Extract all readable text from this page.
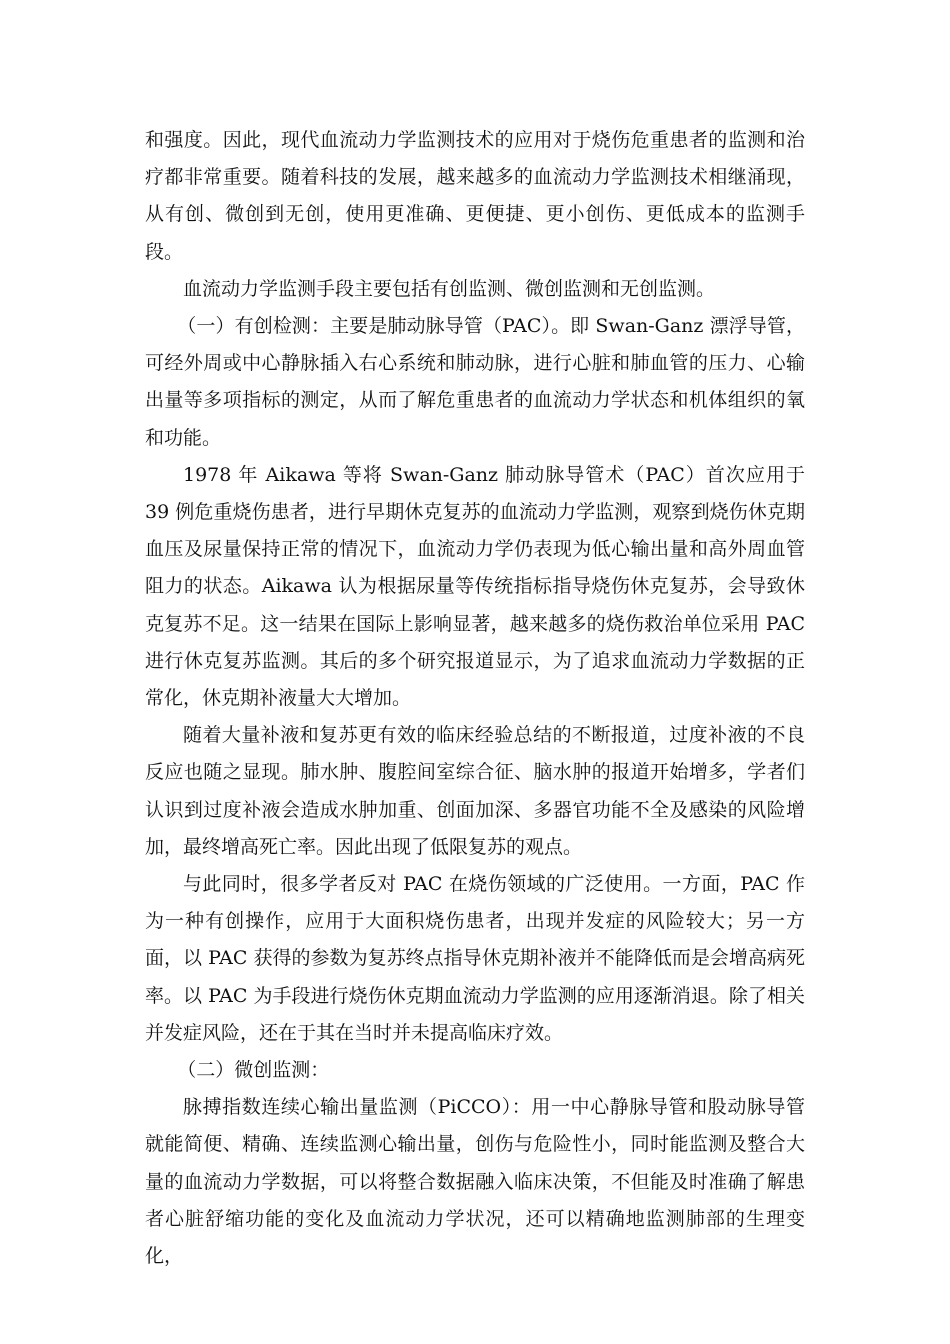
和强度。因此，现代血流动力学监测技术的应用对于烧伤危重患者的监测和治疗都非常重要。随着科技的发展，越来越多的血流动力学监测技术相继涌现，从有创、微创到无创，使用更准确、更便捷、更小创伤、更低成本的监测手段。

血流动力学监测手段主要包括有创监测、微创监测和无创监测。

（一）有创检测：主要是肺动脉导管（PAC）。即 Swan-Ganz 漂浮导管，可经外周或中心静脉插入右心系统和肺动脉，进行心脏和肺血管的压力、心输出量等多项指标的测定，从而了解危重患者的血流动力学状态和机体组织的氧和功能。

1978 年 Aikawa 等将 Swan-Ganz 肺动脉导管术（PAC）首次应用于 39 例危重烧伤患者，进行早期休克复苏的血流动力学监测，观察到烧伤休克期血压及尿量保持正常的情况下，血流动力学仍表现为低心输出量和高外周血管阻力的状态。Aikawa 认为根据尿量等传统指标指导烧伤休克复苏，会导致休克复苏不足。这一结果在国际上影响显著，越来越多的烧伤救治单位采用 PAC 进行休克复苏监测。其后的多个研究报道显示，为了追求血流动力学数据的正常化，休克期补液量大大增加。

随着大量补液和复苏更有效的临床经验总结的不断报道，过度补液的不良反应也随之显现。肺水肿、腹腔间室综合征、脑水肿的报道开始增多，学者们认识到过度补液会造成水肿加重、创面加深、多器官功能不全及感染的风险增加，最终增高死亡率。因此出现了低限复苏的观点。

与此同时，很多学者反对 PAC 在烧伤领域的广泛使用。一方面，PAC 作为一种有创操作，应用于大面积烧伤患者，出现并发症的风险较大；另一方面，以 PAC 获得的参数为复苏终点指导休克期补液并不能降低而是会增高病死率。以 PAC 为手段进行烧伤休克期血流动力学监测的应用逐渐消退。除了相关并发症风险，还在于其在当时并未提高临床疗效。

（二）微创监测：

脉搏指数连续心输出量监测（PiCCO）：用一中心静脉导管和股动脉导管就能简便、精确、连续监测心输出量，创伤与危险性小，同时能监测及整合大量的血流动力学数据，可以将整合数据融入临床决策，不但能及时准确了解患者心脏舒缩功能的变化及血流动力学状况，还可以精确地监测肺部的生理变化，
